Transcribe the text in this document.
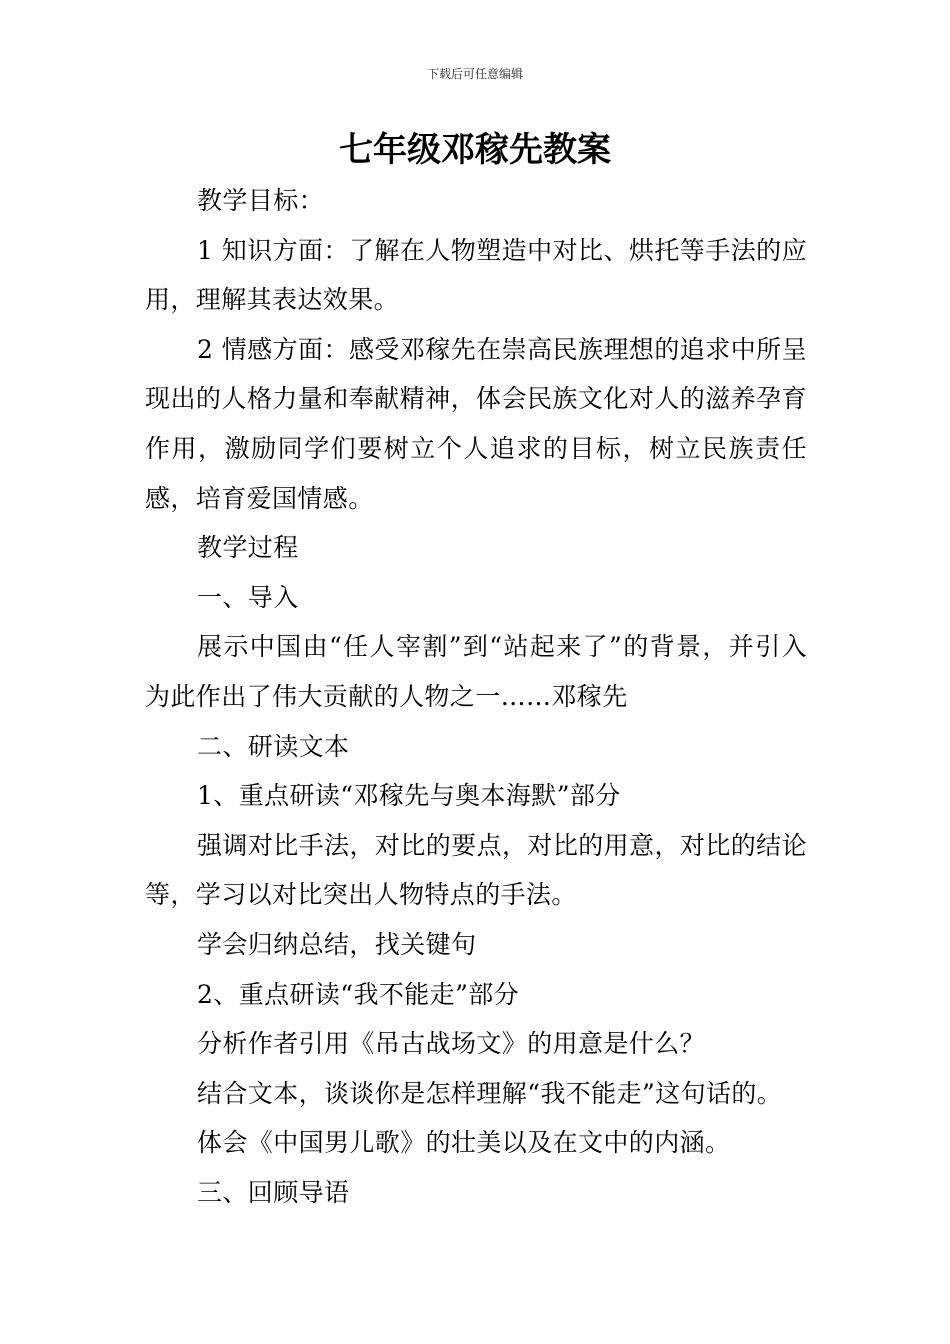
下载后可任意编辑
七年级邓稼先教案

教学目标：

1 知识方面：了解在人物塑造中对比、烘托等手法的应用，理解其表达效果。

2 情感方面：感受邓稼先在崇高民族理想的追求中所呈现出的人格力量和奉献精神，体会民族文化对人的滋养孕育作用，激励同学们要树立个人追求的目标，树立民族责任感，培育爱国情感。

教学过程

一、导入

展示中国由“任人宰割”到“站起来了”的背景，并引入为此作出了伟大贡献的人物之一……邓稼先

二、研读文本

1、重点研读“邓稼先与奥本海默”部分

强调对比手法，对比的要点，对比的用意，对比的结论等，学习以对比突出人物特点的手法。

学会归纳总结，找关键句

2、重点研读“我不能走”部分

分析作者引用《吊古战场文》的用意是什么？

结合文本，谈谈你是怎样理解“我不能走”这句话的。

体会《中国男儿歌》的壮美以及在文中的内涵。

三、回顾导语
